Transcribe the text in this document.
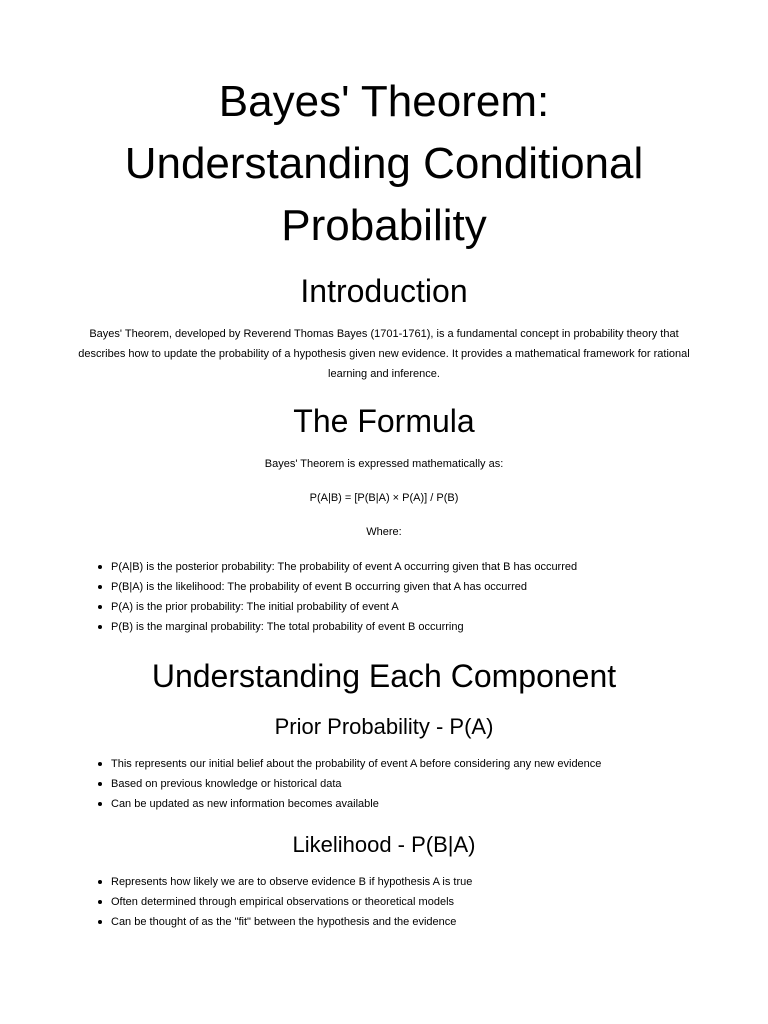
Bayes' Theorem:
Understanding Conditional
Probability
Introduction

Bayes' Theorem, developed by Reverend Thomas Bayes (1701-1761), is a fundamental concept in probability theory that describes how to update the probability of a hypothesis given new evidence. It provides a mathematical framework for rational learning and inference.

The Formula

Bayes' Theorem is expressed mathematically as:

P(A|B) = [P(B|A) × P(A)] / P(B)

Where:

P(A|B) is the posterior probability: The probability of event A occurring given that B has occurred
P(B|A) is the likelihood: The probability of event B occurring given that A has occurred
P(A) is the prior probability: The initial probability of event A
P(B) is the marginal probability: The total probability of event B occurring
Understanding Each Component
Prior Probability - P(A)
This represents our initial belief about the probability of event A before considering any new evidence
Based on previous knowledge or historical data
Can be updated as new information becomes available
Likelihood - P(B|A)
Represents how likely we are to observe evidence B if hypothesis A is true
Often determined through empirical observations or theoretical models
Can be thought of as the "fit" between the hypothesis and the evidence
